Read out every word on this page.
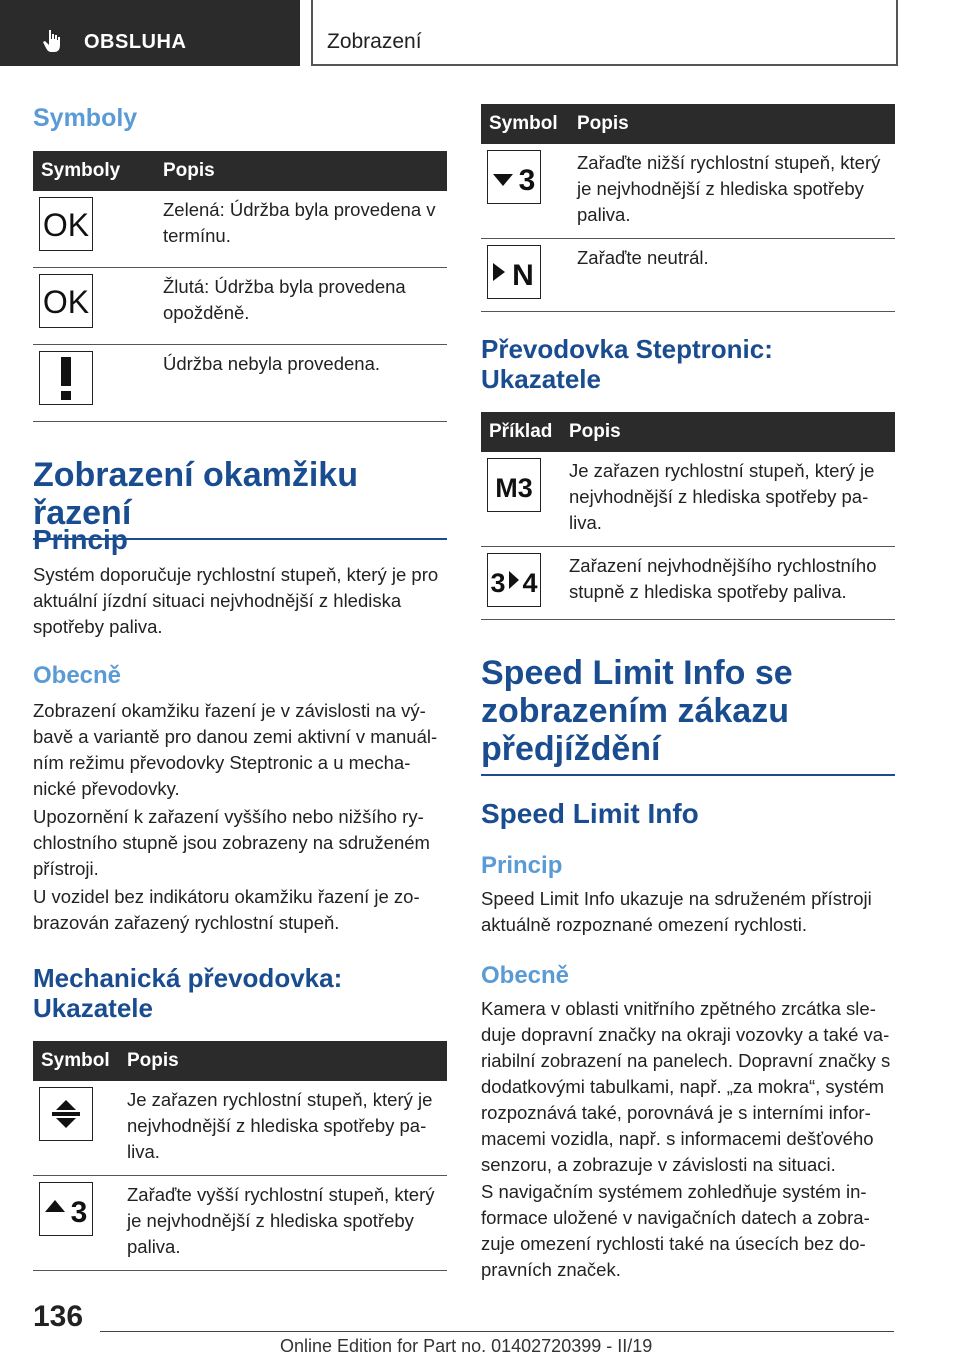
OBSLUHA	Zobrazení
Symboly
Symboly	Popis

OK	Zelená: Údržba byla provedena v termínu.

OK	Žlutá: Údržba byla provedena opožděně.

	Údržba nebyla provedena.
Zobrazení okamžiku řazení
Princip

Systém doporučuje rychlostní stupeň, který je pro aktuální jízdní situaci nejvhodnější z hlediska spotřeby paliva.

Obecně

Zobrazení okamžiku řazení je v závislosti na výbavě a variantě pro danou zemi aktivní v manuálním režimu převodovky Steptronic a u mechanické převodovky.

Upozornění k zařazení vyššího nebo nižšího rychlostního stupně jsou zobrazeny na sdruženém přístroji.

U vozidel bez indikátoru okamžiku řazení je zobrazován zařazený rychlostní stupeň.

Mechanická převodovka: Ukazatele
Symbol	Popis

	Je zařazen rychlostní stupeň, který je nejvhodnější z hlediska spotřeby paliva.

3	Zařaďte vyšší rychlostní stupeň, který je nejvhodnější z hlediska spotřeby paliva.
Symbol	Popis

3	Zařaďte nižší rychlostní stupeň, který je nejvhodnější z hlediska spotřeby paliva.

N	Zařaďte neutrál.
Převodovka Steptronic: Ukazatele
Příklad	Popis

M3	Je zařazen rychlostní stupeň, který je nejvhodnější z hlediska spotřeby paliva.

3 4	Zařazení nejvhodnějšího rychlostního stupně z hlediska spotřeby paliva.
Speed Limit Info se zobrazením zákazu předjíždění
Speed Limit Info
Princip

Speed Limit Info ukazuje na sdruženém přístroji aktuálně rozpoznané omezení rychlosti.

Obecně

Kamera v oblasti vnitřního zpětného zrcátka sleduje dopravní značky na okraji vozovky a také variabilní zobrazení na panelech. Dopravní značky s dodatkovými tabulkami, např. „za mokra“, systém rozpoznává také, porovnává je s interními informacemi vozidla, např. s informacemi dešťového senzoru, a zobrazuje v závislosti na situaci.

S navigačním systémem zohledňuje systém informace uložené v navigačních datech a zobrazuje omezení rychlosti také na úsecích bez dopravních značek.

136
Online Edition for Part no. 01402720399 - II/19
